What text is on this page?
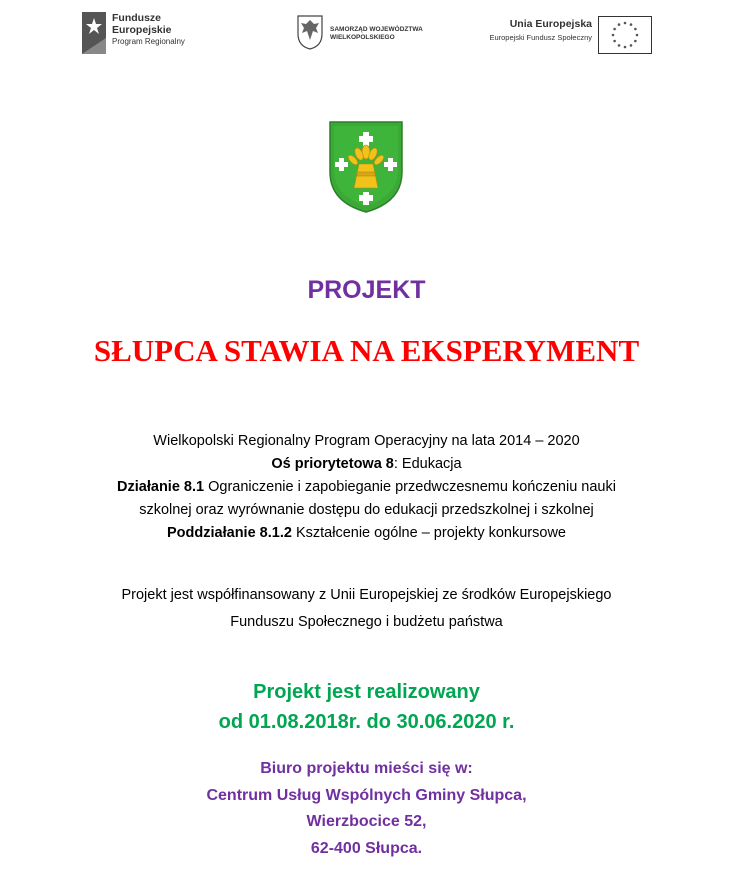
Fundusze
Europejskie
Program Regionalny
SAMORZĄD WOJEWÓDZTWA
WIELKOPOLSKIEGO
Unia Europejska
Europejski Fundusz Społeczny
PROJEKT
SŁUPCA STAWIA NA EKSPERYMENT
Wielkopolski Regionalny Program Operacyjny na lata 2014 – 2020
Oś priorytetowa 8: Edukacja
Działanie 8.1 Ograniczenie i zapobieganie przedwczesnemu kończeniu nauki
szkolnej oraz wyrównanie dostępu do edukacji przedszkolnej i szkolnej
Poddziałanie 8.1.2 Kształcenie ogólne – projekty konkursowe
Projekt jest współfinansowany z Unii Europejskiej ze środków Europejskiego
Funduszu Społecznego i budżetu państwa
Projekt jest realizowany
od 01.08.2018r. do 30.06.2020 r.
Biuro projektu mieści się w:
Centrum Usług Wspólnych Gminy Słupca,
Wierzbocice 52,
62-400 Słupca.
